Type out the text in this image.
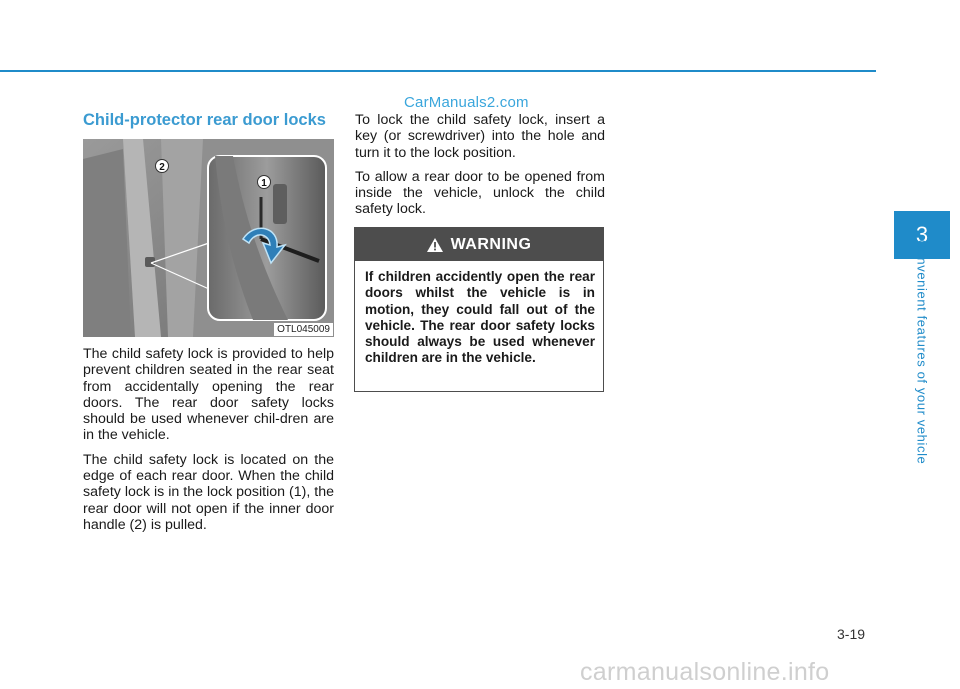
CarManuals2.com
Child-protector rear door locks
2
1
OTL045009

The child safety lock is provided to help prevent children seated in the rear seat from accidentally opening the rear doors. The rear door safety locks should be used whenever chil-dren are in the vehicle.

The child safety lock is located on the edge of each rear door. When the child safety lock is in the lock position (1), the rear door will not open if the inner door handle (2) is pulled.

To lock the child safety lock, insert a key (or screwdriver) into the hole and turn it to the lock position.

To allow a rear door to be opened from inside the vehicle, unlock the child safety lock.

WARNING
If children accidently open the rear doors whilst the vehicle is in motion, they could fall out of the vehicle. The rear door safety locks should always be used whenever children are in the vehicle.
3
Convenient features of your vehicle
3-19
carmanualsonline.info
